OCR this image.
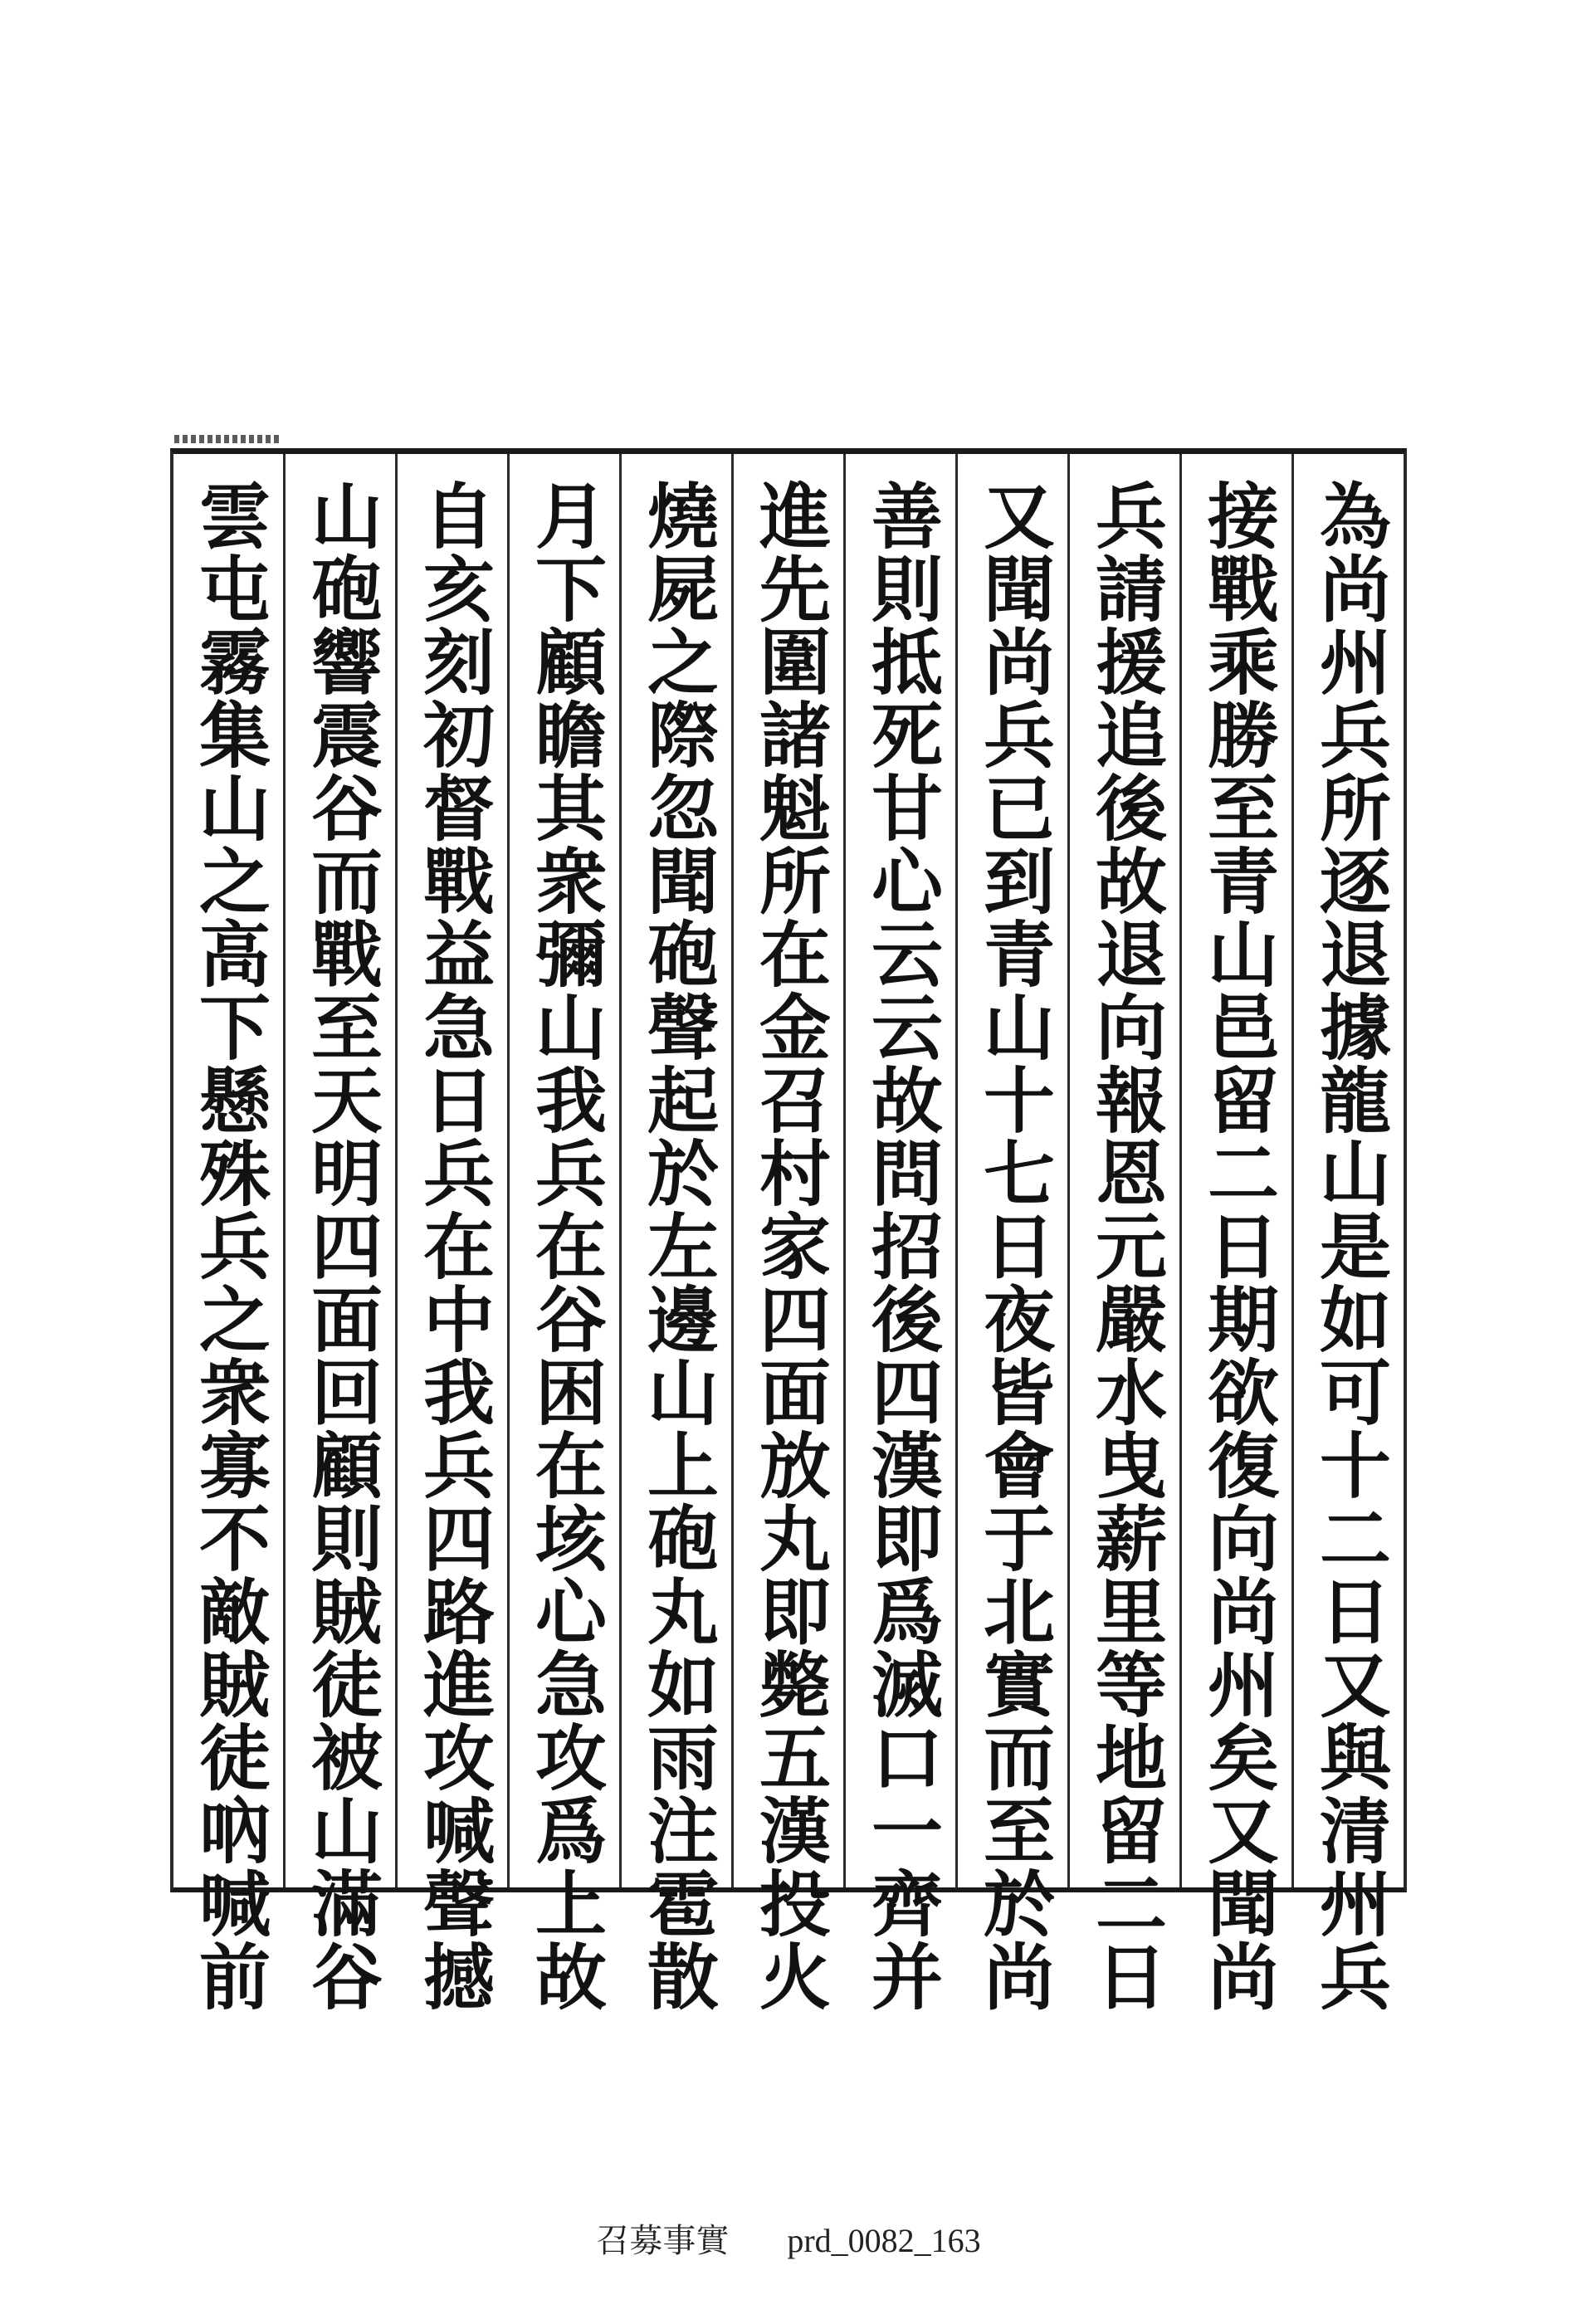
為尚州兵所逐退據龍山是如可十二日又與清州兵
接戰乘勝至青山邑留二日期欲復向尚州矣又聞尚
兵請援追後故退向報恩元嚴水曳薪里等地留二日
又聞尚兵已到青山十七日夜皆會于北實而至於尚
善則抵死甘心云云故問招後四漢即爲滅口一齊并
進先圍諸魁所在金召村家四面放丸即斃五漢投火
燒屍之際忽聞砲聲起於左邊山上砲丸如雨注雹散
月下顧瞻其衆彌山我兵在谷困在垓心急攻爲上故
自亥刻初督戰益急日兵在中我兵四路進攻喊聲撼
山砲響震谷而戰至天明四面回顧則賊徒被山滿谷
雲屯霧集山之高下懸殊兵之衆寡不敵賊徒吶喊前
召募事實 prd_0082_163
